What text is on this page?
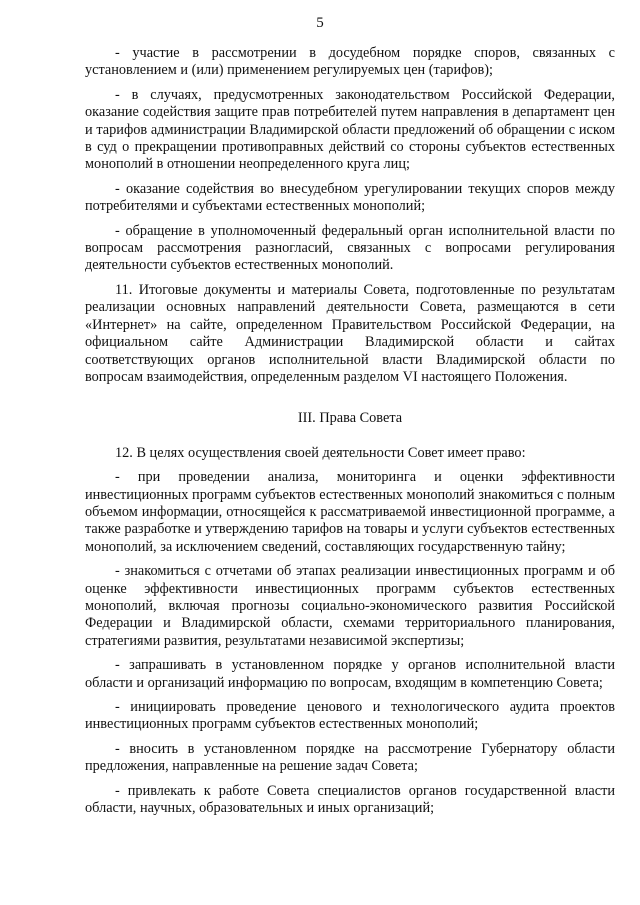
5

- участие в рассмотрении в досудебном порядке споров, связанных с установлением и (или) применением регулируемых цен (тарифов);

- в случаях, предусмотренных законодательством Российской Федерации, оказание содействия защите прав потребителей путем направления в департамент цен и тарифов администрации Владимирской области предложений об обращении с иском в суд о прекращении противоправных действий со стороны субъектов естественных монополий в отношении неопределенного круга лиц;

- оказание содействия во внесудебном урегулировании текущих споров между потребителями и субъектами естественных монополий;

- обращение в уполномоченный федеральный орган исполнительной власти по вопросам рассмотрения разногласий, связанных с вопросами регулирования деятельности субъектов естественных монополий.

11. Итоговые документы и материалы Совета, подготовленные по результатам реализации основных направлений деятельности Совета, размещаются в сети «Интернет» на сайте, определенном Правительством Российской Федерации, на официальном сайте Администрации Владимирской области и сайтах соответствующих органов исполнительной власти Владимирской области по вопросам взаимодействия, определенным разделом VI настоящего Положения.

III. Права Совета

12. В целях осуществления своей деятельности Совет имеет право:

- при проведении анализа, мониторинга и оценки эффективности инвестиционных программ субъектов естественных монополий знакомиться с полным объемом информации, относящейся к рассматриваемой инвестиционной программе, а также разработке и утверждению тарифов на товары и услуги субъектов естественных монополий, за исключением сведений, составляющих государственную тайну;

- знакомиться с отчетами об этапах реализации инвестиционных программ и об оценке эффективности инвестиционных программ субъектов естественных монополий, включая прогнозы социально-экономического развития Российской Федерации и Владимирской области, схемами территориального планирования, стратегиями развития, результатами независимой экспертизы;

- запрашивать в установленном порядке у органов исполнительной власти области и организаций информацию по вопросам, входящим в компетенцию Совета;

- инициировать проведение ценового и технологического аудита проектов инвестиционных программ субъектов естественных монополий;

- вносить в установленном порядке на рассмотрение Губернатору области предложения, направленные на решение задач Совета;

- привлекать к работе Совета специалистов органов государственной власти области, научных, образовательных и иных организаций;
